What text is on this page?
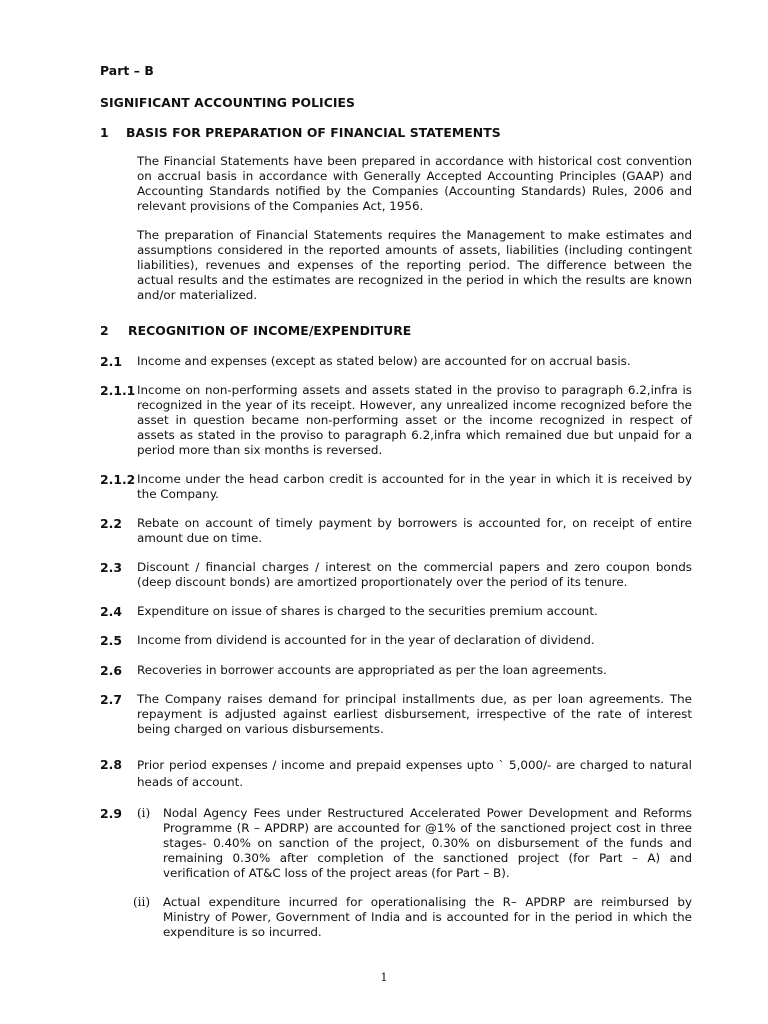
Part – B
SIGNIFICANT ACCOUNTING POLICIES
1 BASIS FOR PREPARATION OF FINANCIAL STATEMENTS
The Financial Statements have been prepared in accordance with historical cost convention on accrual basis in accordance with Generally Accepted Accounting Principles (GAAP) and Accounting Standards notified by the Companies (Accounting Standards) Rules, 2006 and relevant provisions of the Companies Act, 1956.
The preparation of Financial Statements requires the Management to make estimates and assumptions considered in the reported amounts of assets, liabilities (including contingent liabilities), revenues and expenses of the reporting period. The difference between the actual results and the estimates are recognized in the period in which the results are known and/or materialized.
2 RECOGNITION OF INCOME/EXPENDITURE
2.1 Income and expenses (except as stated below) are accounted for on accrual basis.
2.1.1 Income on non-performing assets and assets stated in the proviso to paragraph 6.2,infra is recognized in the year of its receipt. However, any unrealized income recognized before the asset in question became non-performing asset or the income recognized in respect of assets as stated in the proviso to paragraph 6.2,infra which remained due but unpaid for a period more than six months is reversed.
2.1.2 Income under the head carbon credit is accounted for in the year in which it is received by the Company.
2.2 Rebate on account of timely payment by borrowers is accounted for, on receipt of entire amount due on time.
2.3 Discount / financial charges / interest on the commercial papers and zero coupon bonds (deep discount bonds) are amortized proportionately over the period of its tenure.
2.4 Expenditure on issue of shares is charged to the securities premium account.
2.5 Income from dividend is accounted for in the year of declaration of dividend.
2.6 Recoveries in borrower accounts are appropriated as per the loan agreements.
2.7 The Company raises demand for principal installments due, as per loan agreements. The repayment is adjusted against earliest disbursement, irrespective of the rate of interest being charged on various disbursements.
2.8 Prior period expenses / income and prepaid expenses upto ` 5,000/- are charged to natural heads of account.
2.9 (i) Nodal Agency Fees under Restructured Accelerated Power Development and Reforms Programme (R – APDRP) are accounted for @1% of the sanctioned project cost in three stages- 0.40% on sanction of the project, 0.30% on disbursement of the funds and remaining 0.30% after completion of the sanctioned project (for Part – A) and verification of AT&C loss of the project areas (for Part – B).
(ii) Actual expenditure incurred for operationalising the R– APDRP are reimbursed by Ministry of Power, Government of India and is accounted for in the period in which the expenditure is so incurred.
1
